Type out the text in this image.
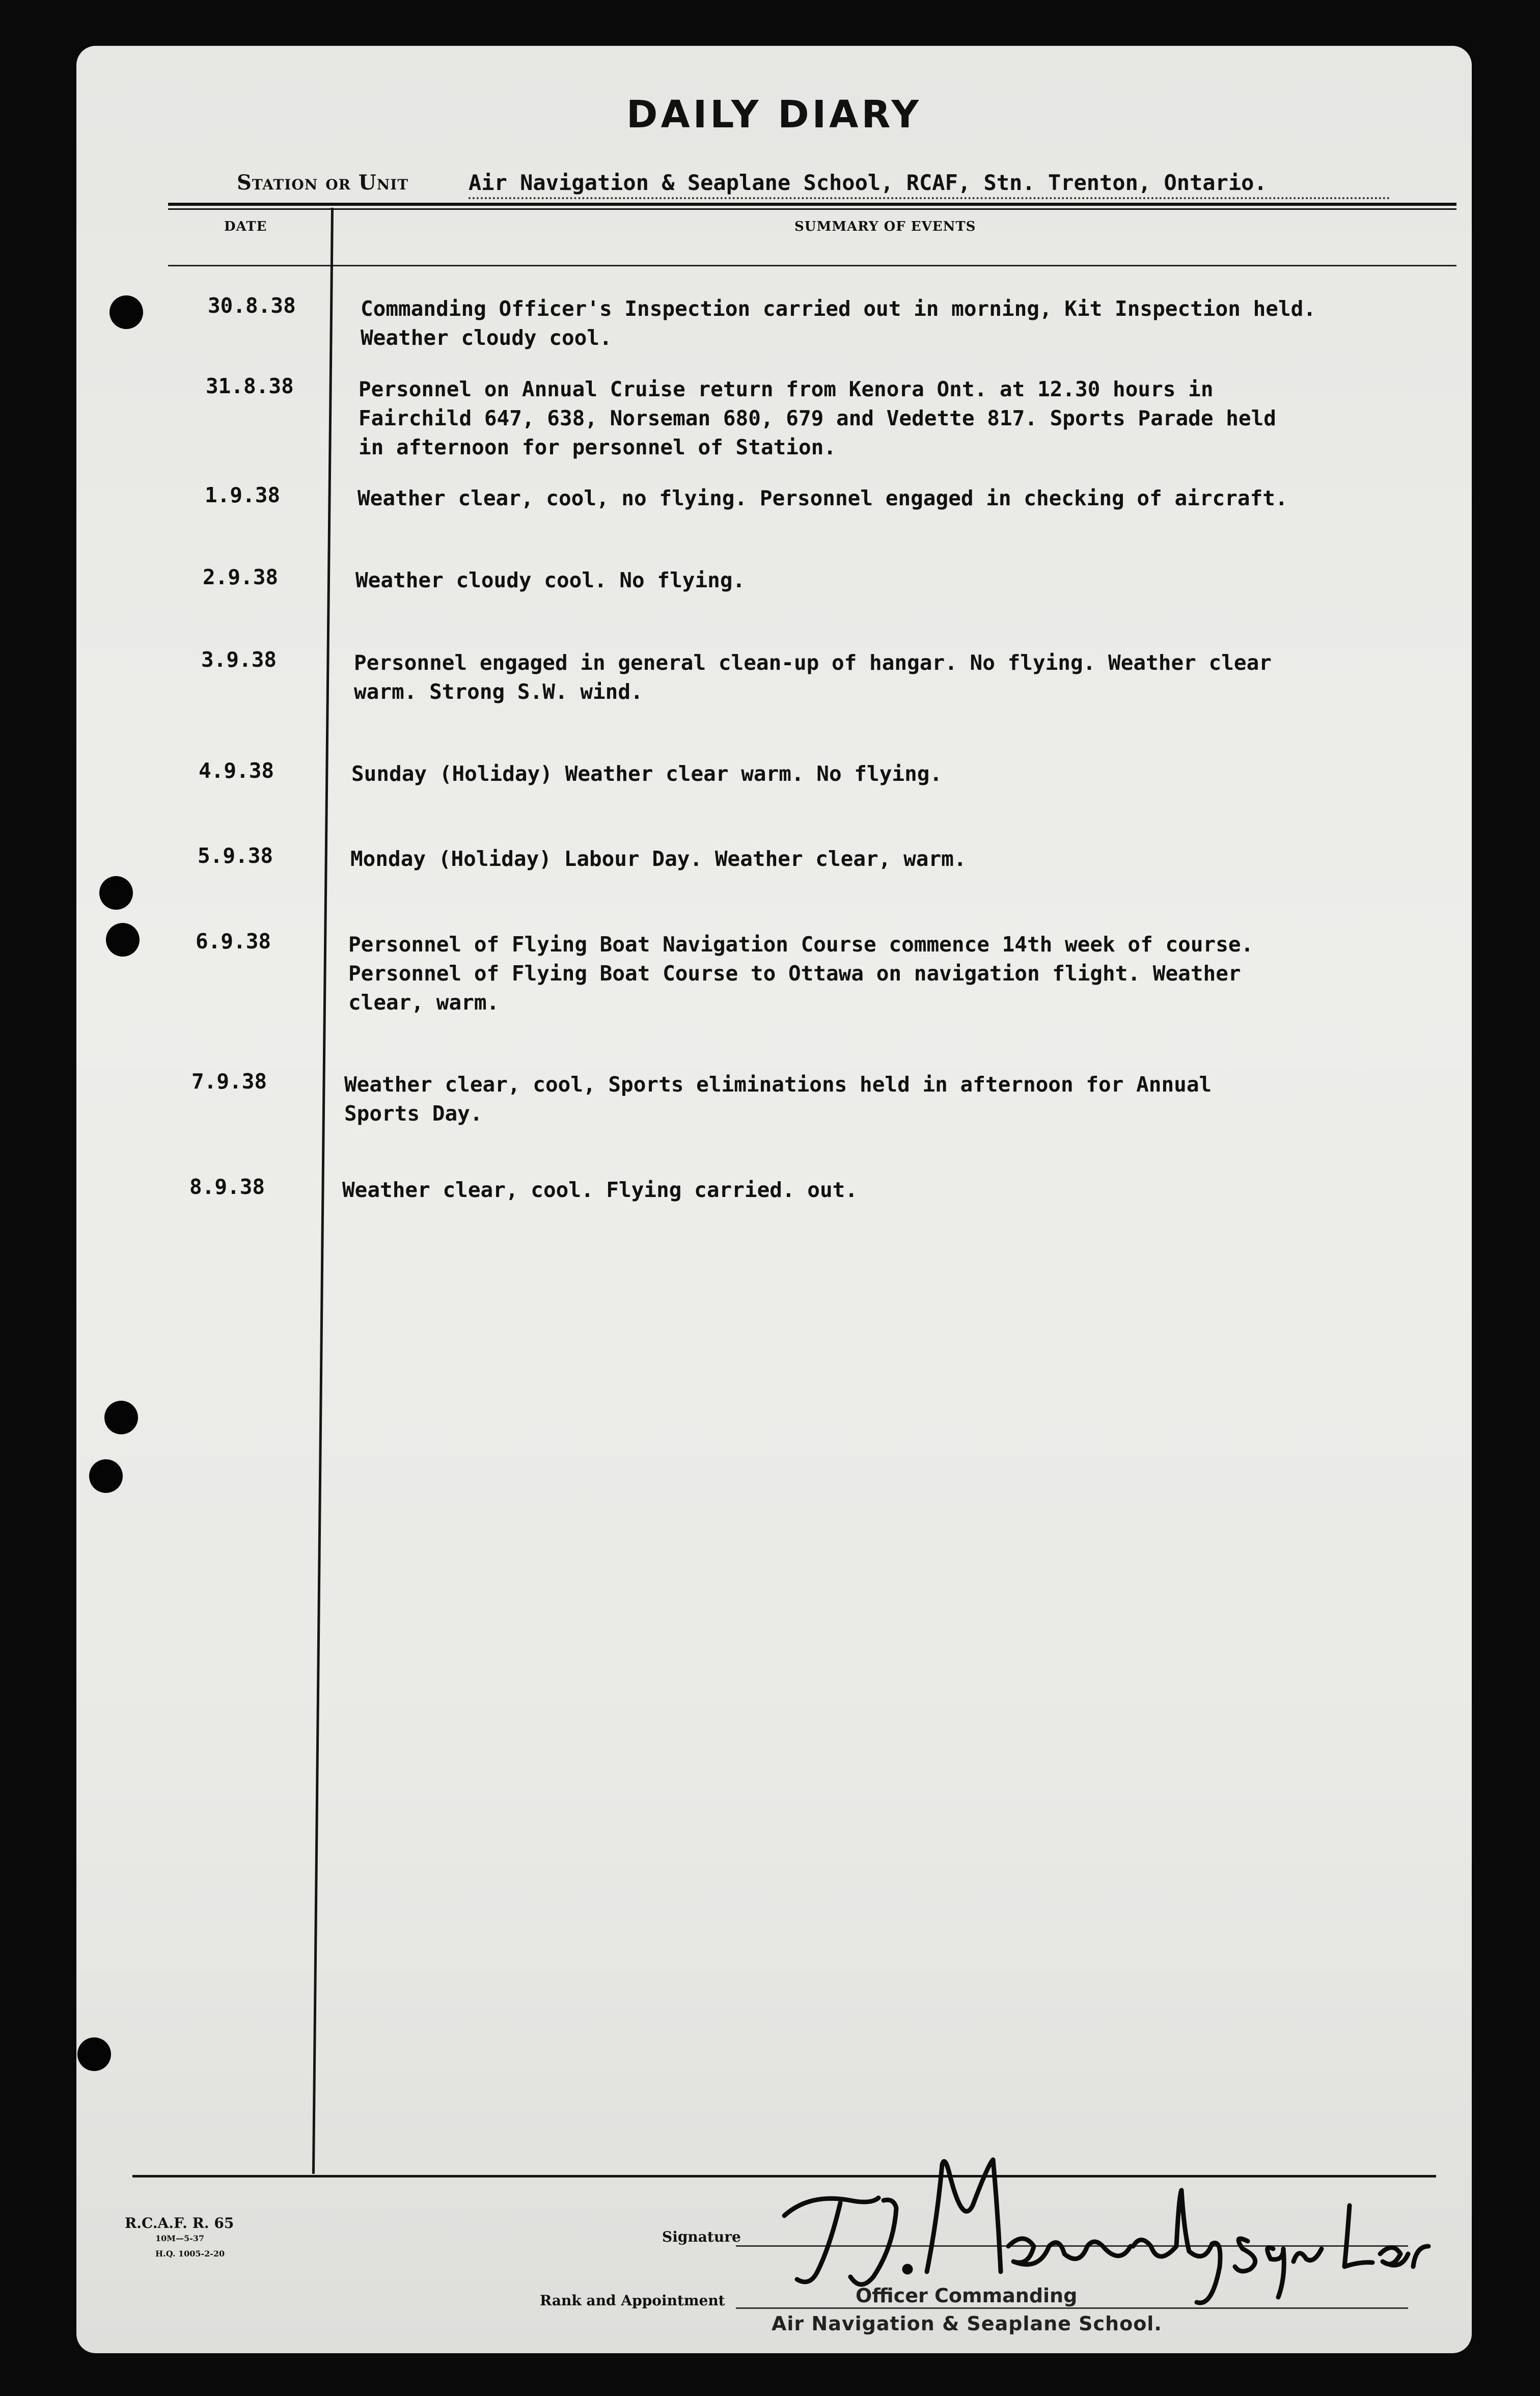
DAILY DIARY
Station or Unit	Air Navigation & Seaplane School, RCAF, Stn. Trenton, Ontario.
DATE	SUMMARY OF EVENTS
30.8.38	Commanding Officer's Inspection carried out in morning, Kit Inspection held.
Weather cloudy cool.
31.8.38	Personnel on Annual Cruise return from Kenora Ont. at 12.30 hours in
Fairchild 647, 638, Norseman 680, 679 and Vedette 817. Sports Parade held
in afternoon for personnel of Station.
1.9.38	Weather clear, cool, no flying. Personnel engaged in checking of aircraft.
2.9.38	Weather cloudy cool. No flying.
3.9.38	Personnel engaged in general clean-up of hangar. No flying. Weather clear
warm. Strong S.W. wind.
4.9.38	Sunday (Holiday) Weather clear warm. No flying.
5.9.38	Monday (Holiday) Labour Day. Weather clear, warm.
6.9.38	Personnel of Flying Boat Navigation Course commence 14th week of course.
Personnel of Flying Boat Course to Ottawa on navigation flight. Weather
clear, warm.
7.9.38	Weather clear, cool, Sports eliminations held in afternoon for Annual
Sports Day.
8.9.38	Weather clear, cool. Flying carried. out.
R.C.A.F. R. 65
10M—5-37
H.Q. 1005-2-20
Signature
Rank and Appointment	Officer Commanding
Air Navigation & Seaplane School.
